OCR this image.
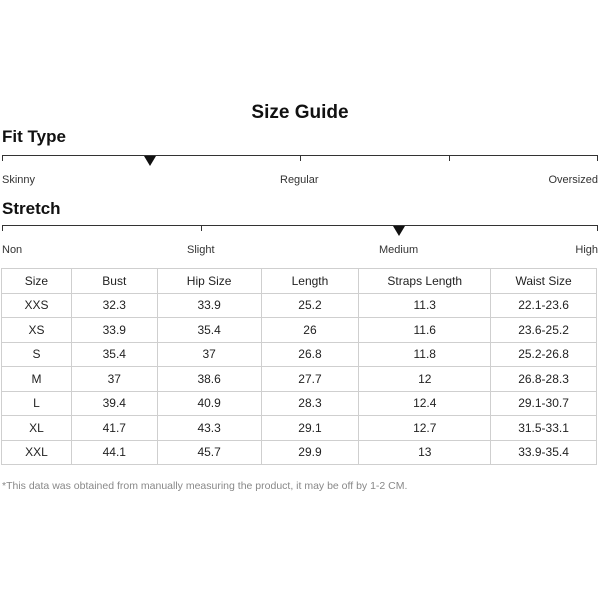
Size Guide
Fit Type
Skinny	Regular	Oversized
Stretch
Non	Slight	Medium	High
Size	Bust	Hip Size	Length	Straps Length	Waist Size
XXS	32.3	33.9	25.2	11.3	22.1-23.6
XS	33.9	35.4	26	11.6	23.6-25.2
S	35.4	37	26.8	11.8	25.2-26.8
M	37	38.6	27.7	12	26.8-28.3
L	39.4	40.9	28.3	12.4	29.1-30.7
XL	41.7	43.3	29.1	12.7	31.5-33.1
XXL	44.1	45.7	29.9	13	33.9-35.4
*This data was obtained from manually measuring the product, it may be off by 1-2 CM.
